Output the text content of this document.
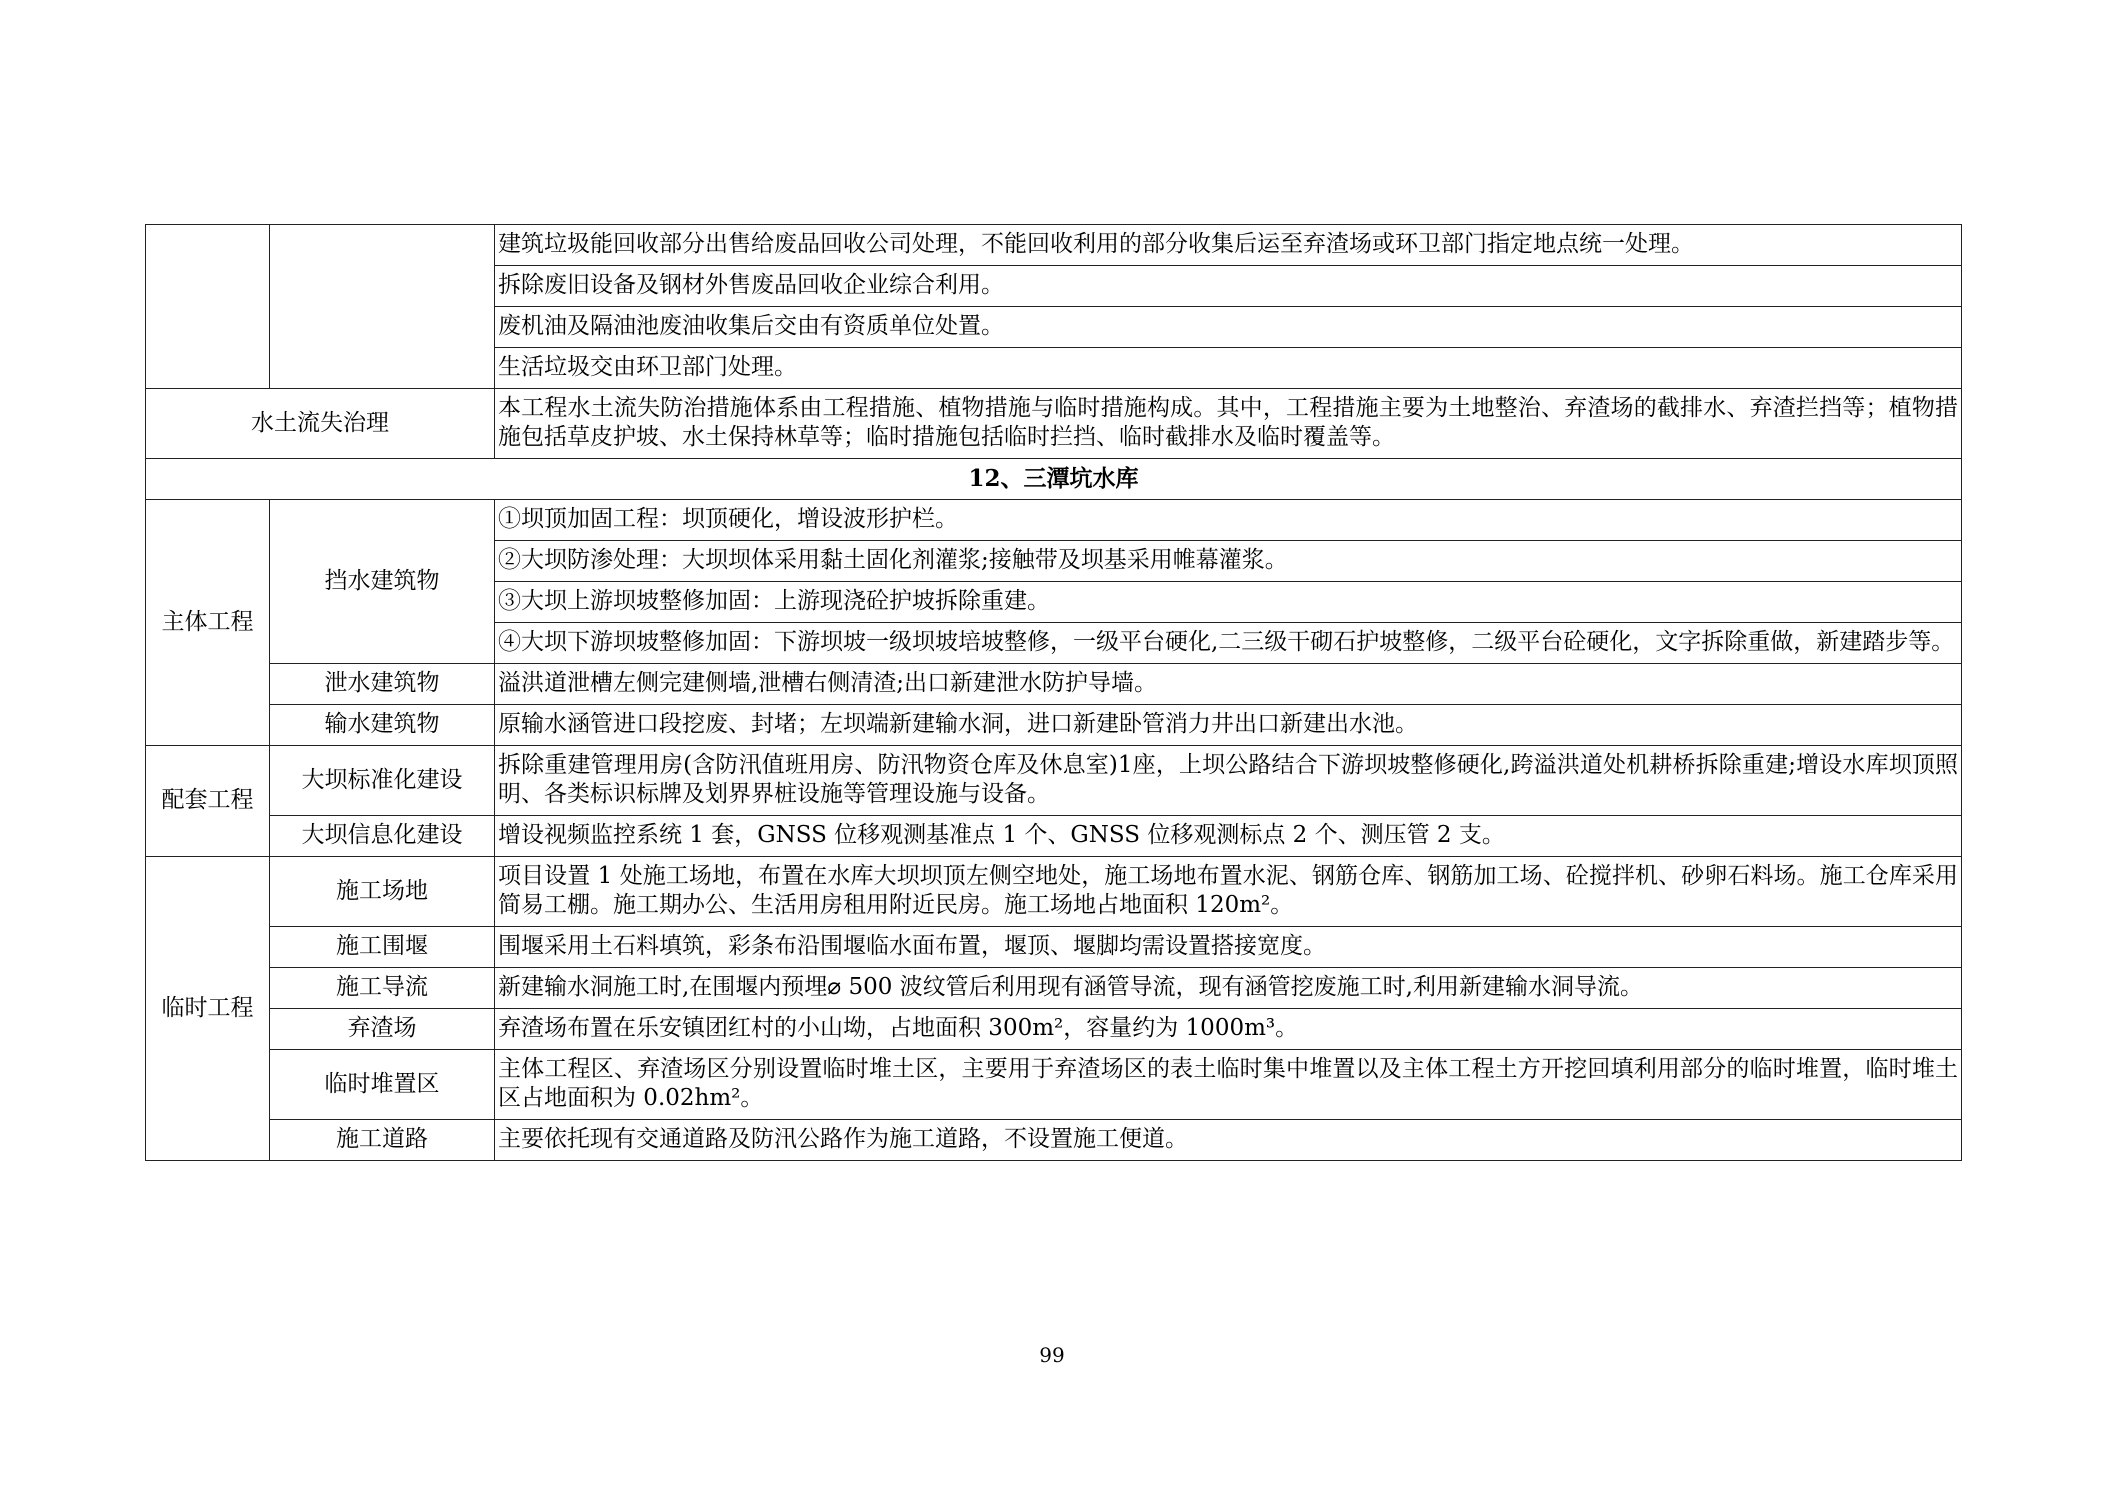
		建筑垃圾能回收部分出售给废品回收公司处理，不能回收利用的部分收集后运至弃渣场或环卫部门指定地点统一处理。
		拆除废旧设备及钢材外售废品回收企业综合利用。
		废机油及隔油池废油收集后交由有资质单位处置。
		生活垃圾交由环卫部门处理。
水土流失治理		本工程水土流失防治措施体系由工程措施、植物措施与临时措施构成。其中，工程措施主要为土地整治、弃渣场的截排水、弃渣拦挡等；植物措施包括草皮护坡、水土保持林草等；临时措施包括临时拦挡、临时截排水及临时覆盖等。
12、三潭坑水库		
主体工程	挡水建筑物	①坝顶加固工程：坝顶硬化，增设波形护栏。
		②大坝防渗处理：大坝坝体采用黏土固化剂灌浆;接触带及坝基采用帷幕灌浆。
		③大坝上游坝坡整修加固：上游现浇砼护坡拆除重建。
		④大坝下游坝坡整修加固：下游坝坡一级坝坡培坡整修，一级平台硬化,二三级干砌石护坡整修，二级平台砼硬化，文字拆除重做，新建踏步等。
	泄水建筑物	溢洪道泄槽左侧完建侧墙,泄槽右侧清渣;出口新建泄水防护导墙。
	输水建筑物	原输水涵管进口段挖废、封堵；左坝端新建输水洞，进口新建卧管消力井出口新建出水池。
配套工程	大坝标准化建设	拆除重建管理用房(含防汛值班用房、防汛物资仓库及休息室)1座，上坝公路结合下游坝坡整修硬化,跨溢洪道处机耕桥拆除重建;增设水库坝顶照明、各类标识标牌及划界界桩设施等管理设施与设备。
	大坝信息化建设	增设视频监控系统 1 套，GNSS 位移观测基准点 1 个、GNSS 位移观测标点 2 个、测压管 2 支。
临时工程	施工场地	项目设置 1 处施工场地，布置在水库大坝坝顶左侧空地处，施工场地布置水泥、钢筋仓库、钢筋加工场、砼搅拌机、砂卵石料场。施工仓库采用简易工棚。施工期办公、生活用房租用附近民房。施工场地占地面积 120m²。
	施工围堰	围堰采用土石料填筑，彩条布沿围堰临水面布置，堰顶、堰脚均需设置搭接宽度。
	施工导流	新建输水洞施工时,在围堰内预埋⌀ 500 波纹管后利用现有涵管导流，现有涵管挖废施工时,利用新建输水洞导流。
	弃渣场	弃渣场布置在乐安镇团红村的小山坳，占地面积 300m²，容量约为 1000m³。
	临时堆置区	主体工程区、弃渣场区分别设置临时堆土区，主要用于弃渣场区的表土临时集中堆置以及主体工程土方开挖回填利用部分的临时堆置，临时堆土区占地面积为 0.02hm²。
	施工道路	主要依托现有交通道路及防汛公路作为施工道路，不设置施工便道。
99
